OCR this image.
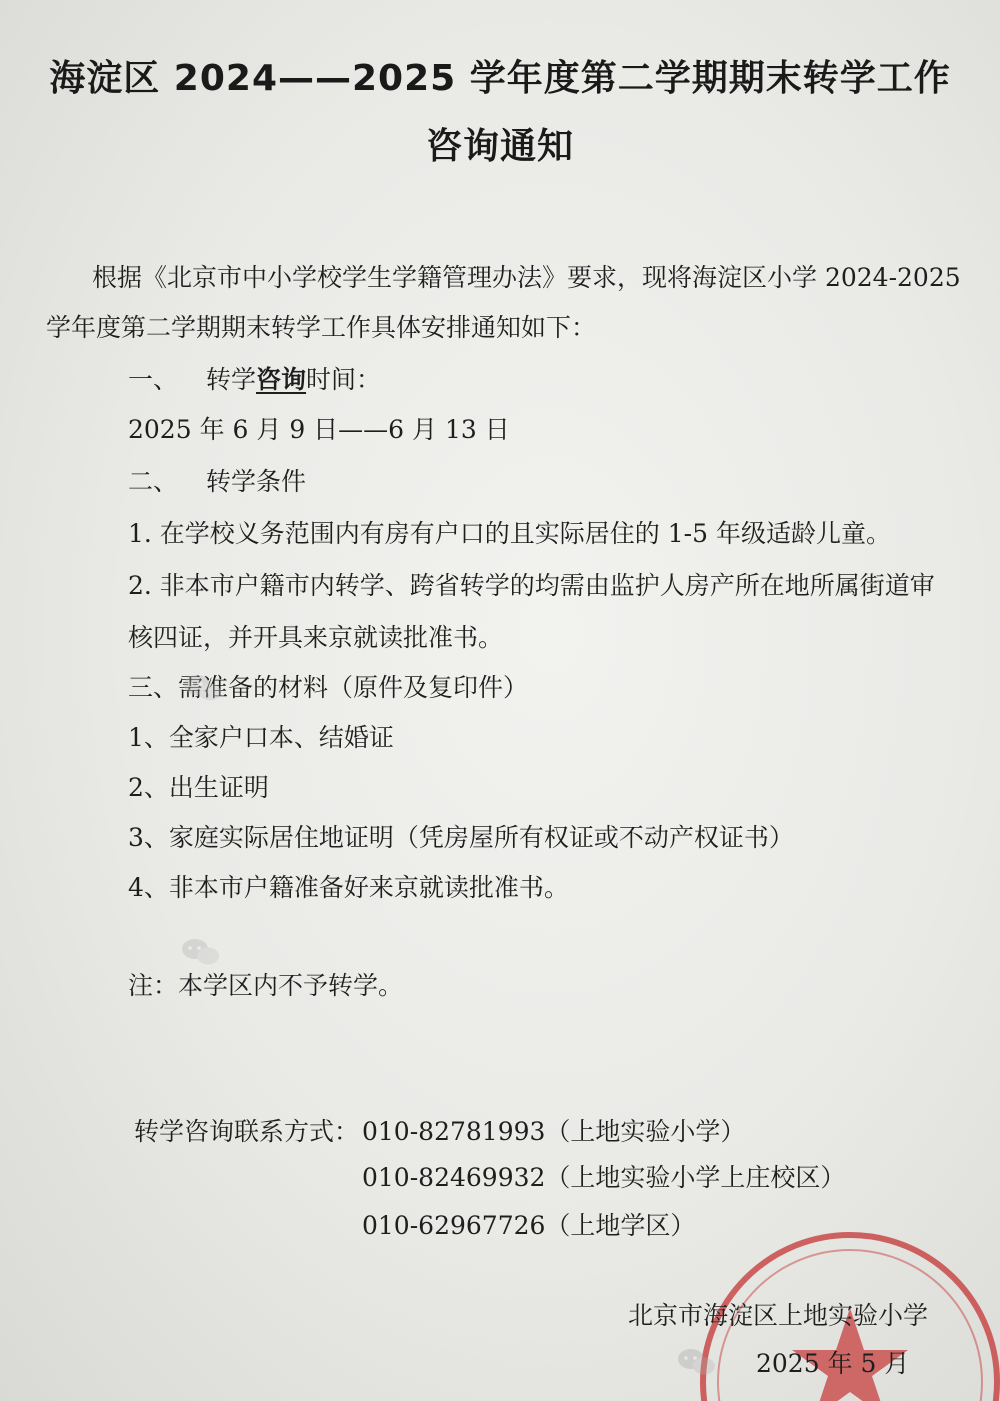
海淀区 2024——2025 学年度第二学期期末转学工作
咨询通知
根据《北京市中小学校学生学籍管理办法》要求，现将海淀区小学 2024-2025
学年度第二学期期末转学工作具体安排通知如下：
一、 转学咨询时间：
2025 年 6 月 9 日——6 月 13 日
二、 转学条件
1. 在学校义务范围内有房有户口的且实际居住的 1-5 年级适龄儿童。
2. 非本市户籍市内转学、跨省转学的均需由监护人房产所在地所属街道审
核四证，并开具来京就读批准书。
三、需准备的材料（原件及复印件）
1、全家户口本、结婚证
2、出生证明
3、家庭实际居住地证明（凭房屋所有权证或不动产权证书）
4、非本市户籍准备好来京就读批准书。
注：本学区内不予转学。
转学咨询联系方式： 010-82781993（上地实验小学）
010-82469932（上地实验小学上庄校区）
010-62967726（上地学区）
北京市海淀区上地实验小学
2025 年 5 月
